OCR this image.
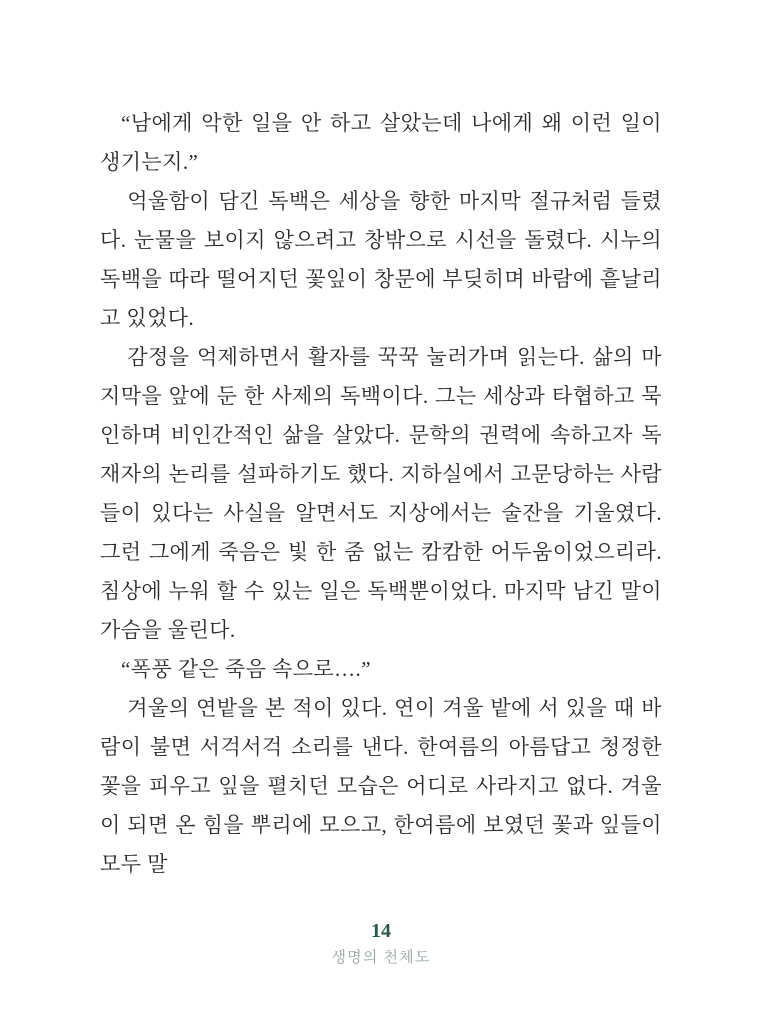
“남에게 악한 일을 안 하고 살았는데 나에게 왜 이런 일이 생기는지.”

억울함이 담긴 독백은 세상을 향한 마지막 절규처럼 들렸다. 눈물을 보이지 않으려고 창밖으로 시선을 돌렸다. 시누의 독백을 따라 떨어지던 꽃잎이 창문에 부딪히며 바람에 흩날리고 있었다.

감정을 억제하면서 활자를 꾹꾹 눌러가며 읽는다. 삶의 마지막을 앞에 둔 한 사제의 독백이다. 그는 세상과 타협하고 묵인하며 비인간적인 삶을 살았다. 문학의 권력에 속하고자 독재자의 논리를 설파하기도 했다. 지하실에서 고문당하는 사람들이 있다는 사실을 알면서도 지상에서는 술잔을 기울였다. 그런 그에게 죽음은 빛 한 줌 없는 캄캄한 어두움이었으리라. 침상에 누워 할 수 있는 일은 독백뿐이었다. 마지막 남긴 말이 가슴을 울린다.

“폭풍 같은 죽음 속으로….”

겨울의 연밭을 본 적이 있다. 연이 겨울 밭에 서 있을 때 바람이 불면 서걱서걱 소리를 낸다. 한여름의 아름답고 청정한 꽃을 피우고 잎을 펼치던 모습은 어디로 사라지고 없다. 겨울이 되면 온 힘을 뿌리에 모으고, 한여름에 보였던 꽃과 잎들이 모두 말

14
생명의 천체도
